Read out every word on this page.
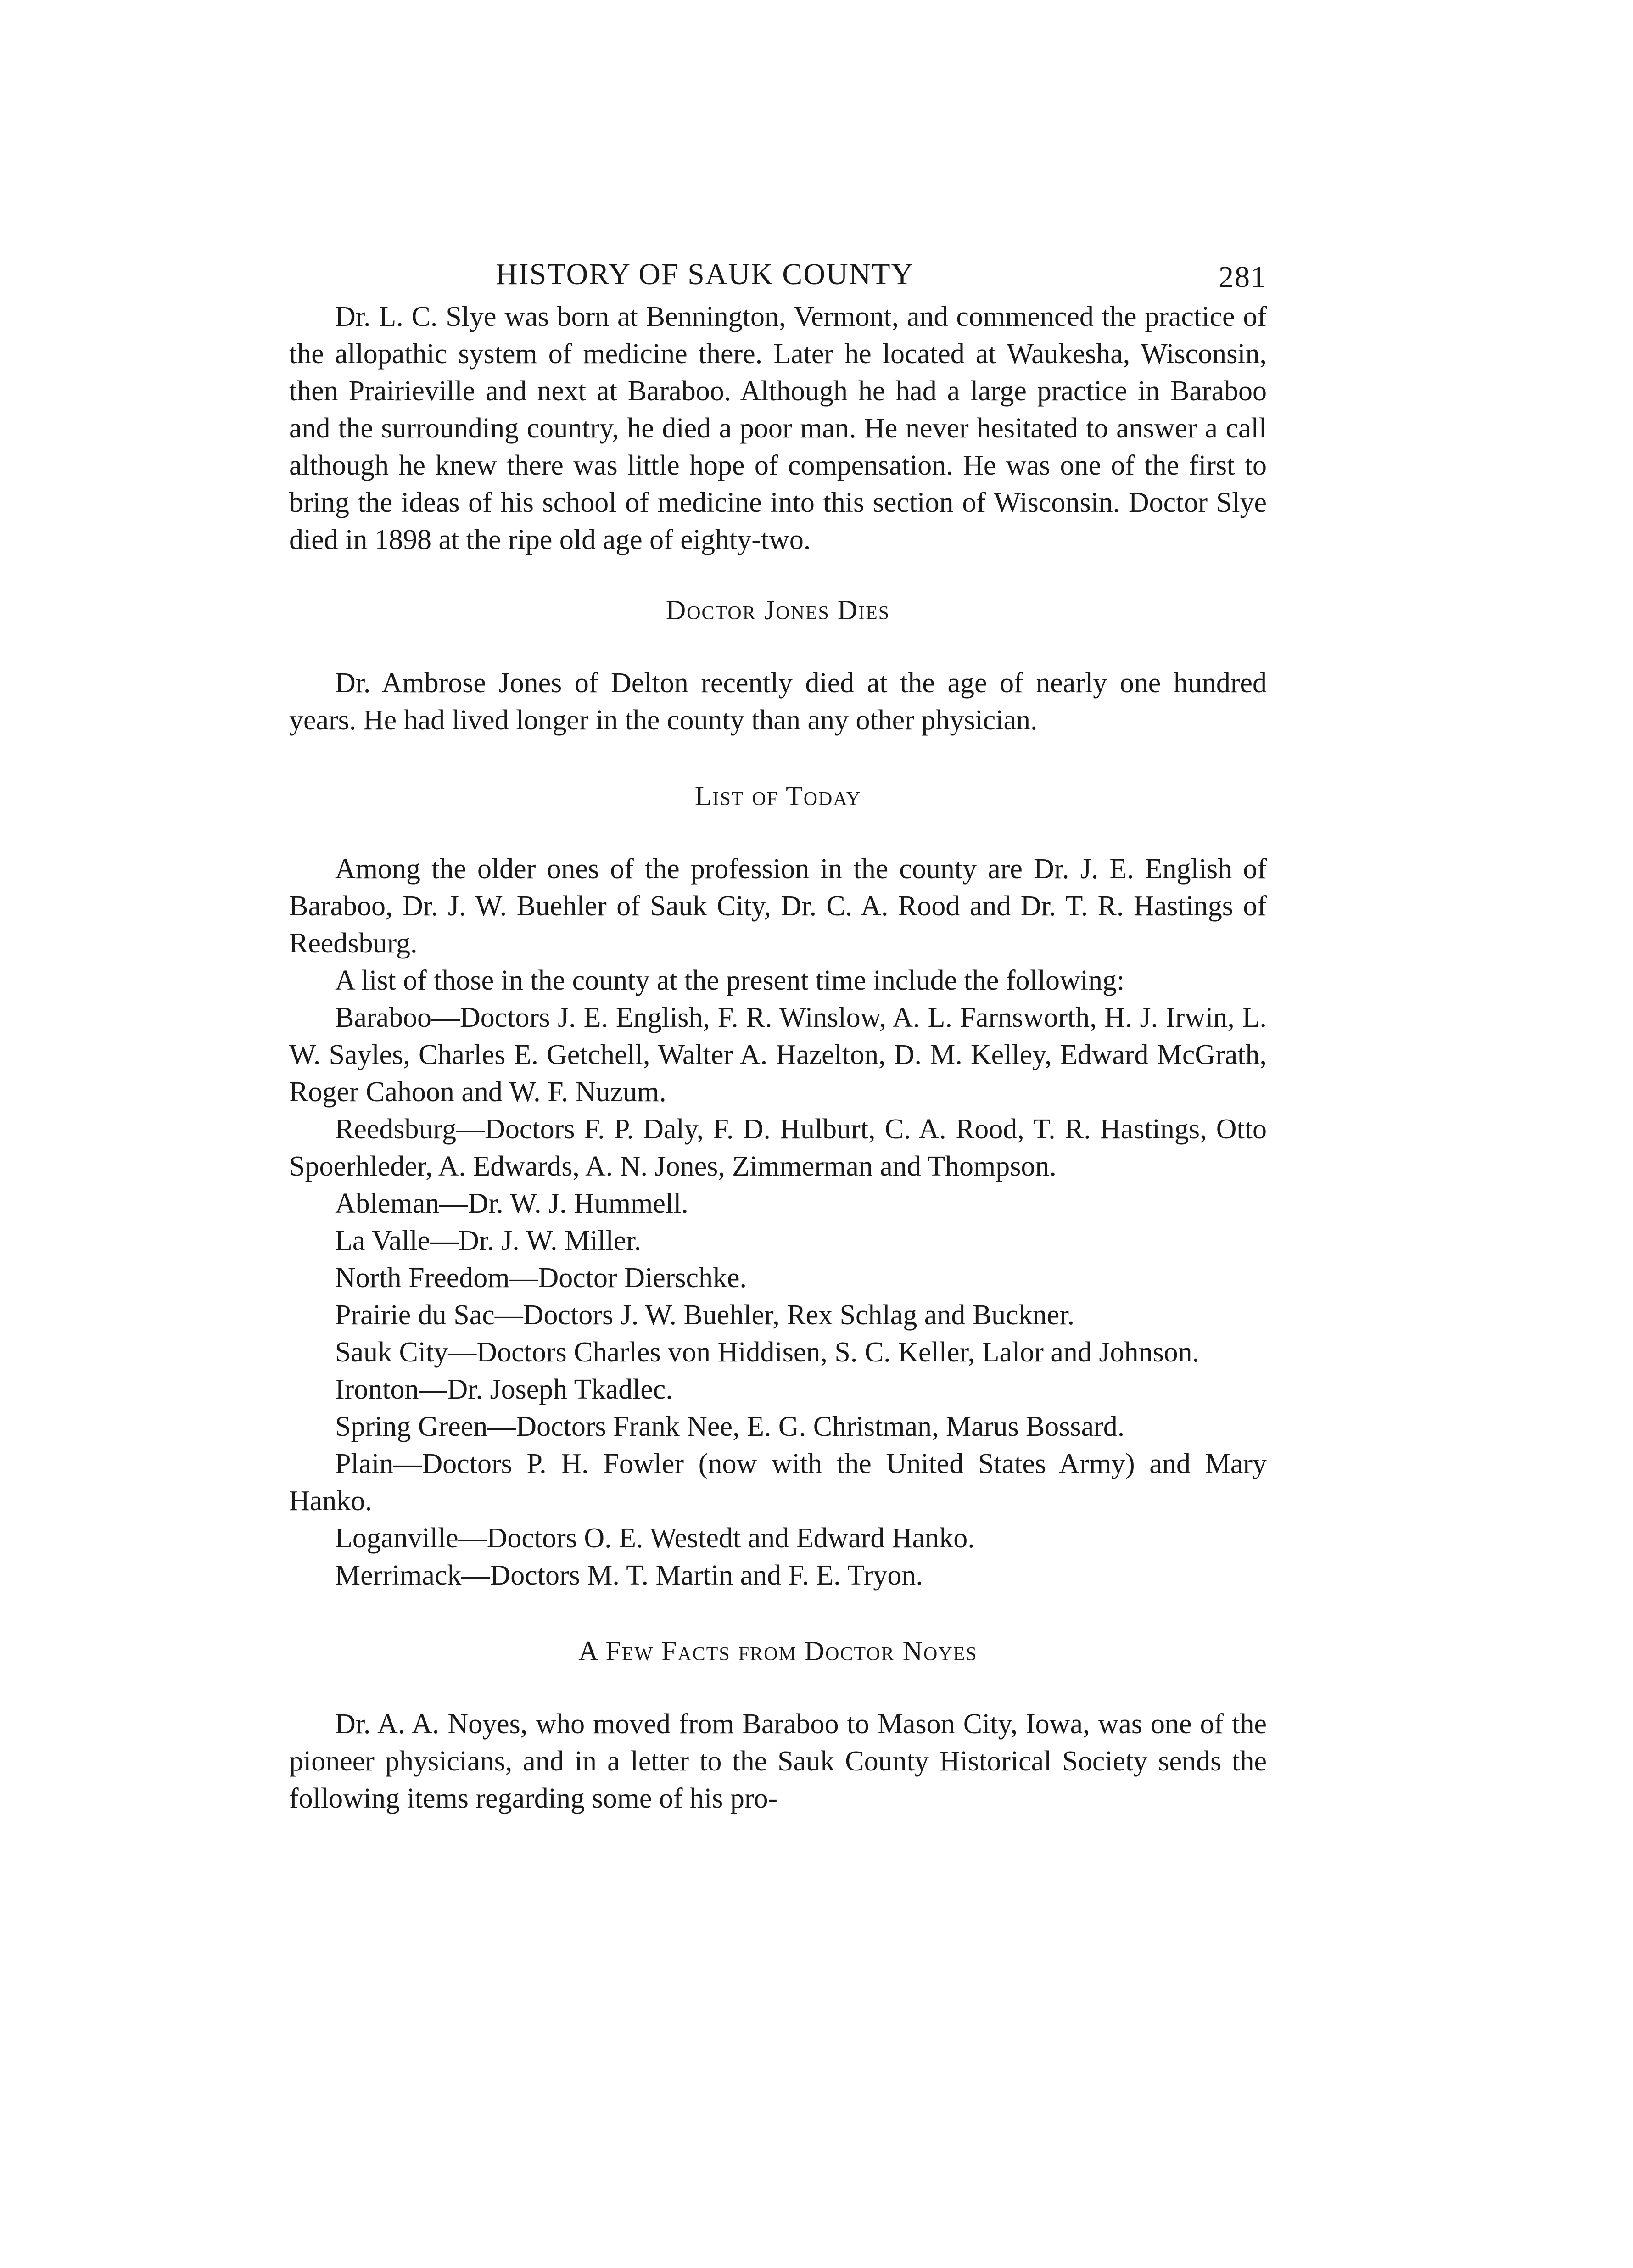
HISTORY OF SAUK COUNTY	281

Dr. L. C. Slye was born at Bennington, Vermont, and commenced the practice of the allopathic system of medicine there. Later he located at Waukesha, Wisconsin, then Prairieville and next at Baraboo. Although he had a large practice in Baraboo and the surrounding country, he died a poor man. He never hesitated to answer a call although he knew there was little hope of compensation. He was one of the first to bring the ideas of his school of medicine into this section of Wisconsin. Doctor Slye died in 1898 at the ripe old age of eighty-two.

Doctor Jones Dies

Dr. Ambrose Jones of Delton recently died at the age of nearly one hundred years. He had lived longer in the county than any other physician.

List of Today

Among the older ones of the profession in the county are Dr. J. E. English of Baraboo, Dr. J. W. Buehler of Sauk City, Dr. C. A. Rood and Dr. T. R. Hastings of Reedsburg.

A list of those in the county at the present time include the following:

Baraboo—Doctors J. E. English, F. R. Winslow, A. L. Farnsworth, H. J. Irwin, L. W. Sayles, Charles E. Getchell, Walter A. Hazelton, D. M. Kelley, Edward McGrath, Roger Cahoon and W. F. Nuzum.

Reedsburg—Doctors F. P. Daly, F. D. Hulburt, C. A. Rood, T. R. Hastings, Otto Spoerhleder, A. Edwards, A. N. Jones, Zimmerman and Thompson.

Ableman—Dr. W. J. Hummell.

La Valle—Dr. J. W. Miller.

North Freedom—Doctor Dierschke.

Prairie du Sac—Doctors J. W. Buehler, Rex Schlag and Buckner.

Sauk City—Doctors Charles von Hiddisen, S. C. Keller, Lalor and Johnson.

Ironton—Dr. Joseph Tkadlec.

Spring Green—Doctors Frank Nee, E. G. Christman, Marus Bossard.

Plain—Doctors P. H. Fowler (now with the United States Army) and Mary Hanko.

Loganville—Doctors O. E. Westedt and Edward Hanko.

Merrimack—Doctors M. T. Martin and F. E. Tryon.

A Few Facts from Doctor Noyes

Dr. A. A. Noyes, who moved from Baraboo to Mason City, Iowa, was one of the pioneer physicians, and in a letter to the Sauk County Historical Society sends the following items regarding some of his pro-
